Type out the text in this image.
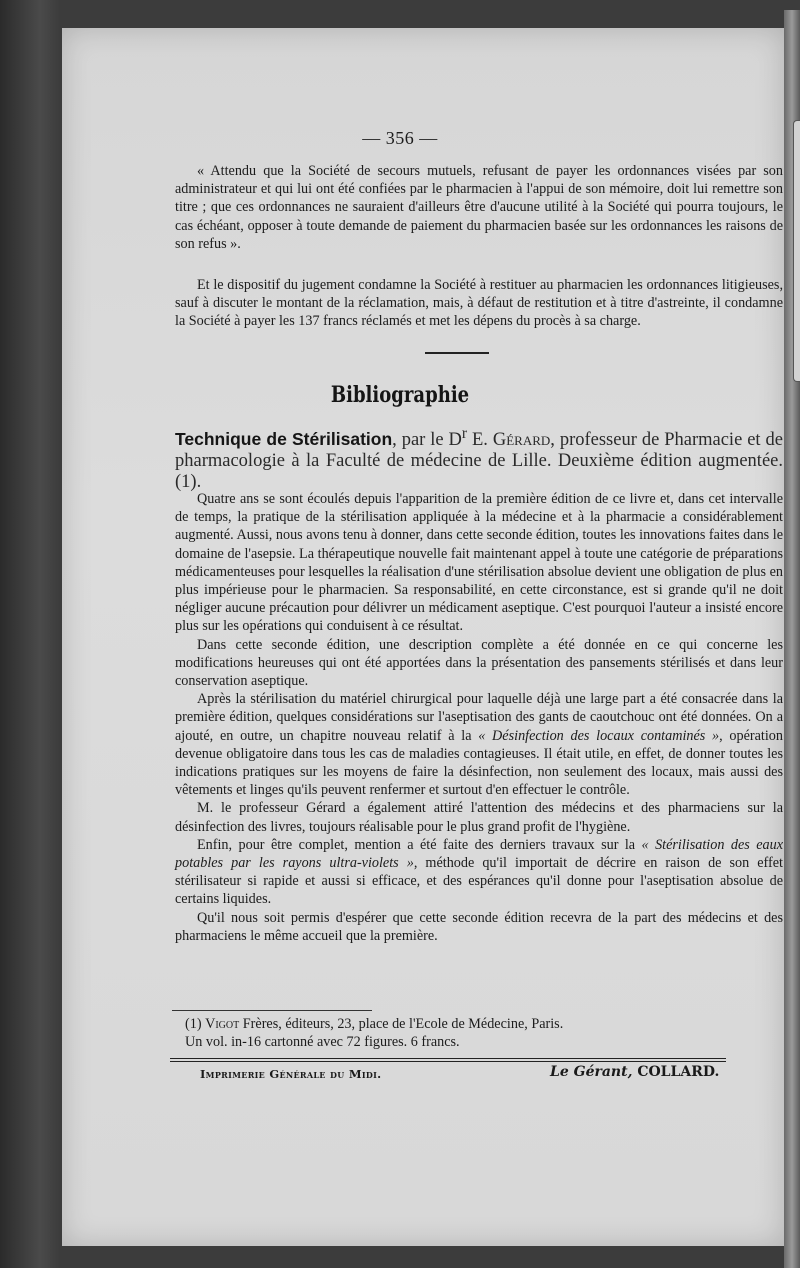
— 356 —

« Attendu que la Société de secours mutuels, refusant de payer les ordonnances visées par son administrateur et qui lui ont été confiées par le pharmacien à l'appui de son mémoire, doit lui remettre son titre ; que ces ordonnances ne sauraient d'ailleurs être d'aucune utilité à la Société qui pourra toujours, le cas échéant, opposer à toute demande de paiement du pharmacien basée sur les ordonnances les raisons de son refus ».

Et le dispositif du jugement condamne la Société à restituer au pharmacien les ordonnances litigieuses, sauf à discuter le montant de la réclamation, mais, à défaut de restitution et à titre d'astreinte, il condamne la Société à payer les 137 francs réclamés et met les dépens du procès à sa charge.

Bibliographie
Technique de Stérilisation, par le $D^r$ E. Gérard, professeur de Pharmacie et de pharmacologie à la Faculté de médecine de Lille. Deuxième édition augmentée. (1).

Quatre ans se sont écoulés depuis l'apparition de la première édition de ce livre et, dans cet intervalle de temps, la pratique de la stérilisation appliquée à la médecine et à la pharmacie a considérablement augmenté. Aussi, nous avons tenu à donner, dans cette seconde édition, toutes les innovations faites dans le domaine de l'asepsie. La thérapeutique nouvelle fait maintenant appel à toute une catégorie de préparations médicamenteuses pour lesquelles la réalisation d'une stérilisation absolue devient une obligation de plus en plus impérieuse pour le pharmacien. Sa responsabilité, en cette circonstance, est si grande qu'il ne doit négliger aucune précaution pour délivrer un médicament aseptique. C'est pourquoi l'auteur a insisté encore plus sur les opérations qui conduisent à ce résultat.

Dans cette seconde édition, une description complète a été donnée en ce qui concerne les modifications heureuses qui ont été apportées dans la présentation des pansements stérilisés et dans leur conservation aseptique.

Après la stérilisation du matériel chirurgical pour laquelle déjà une large part a été consacrée dans la première édition, quelques considérations sur l'aseptisation des gants de caoutchouc ont été données. On a ajouté, en outre, un chapitre nouveau relatif à la « Désinfection des locaux contaminés », opération devenue obligatoire dans tous les cas de maladies contagieuses. Il était utile, en effet, de donner toutes les indications pratiques sur les moyens de faire la désinfection, non seulement des locaux, mais aussi des vêtements et linges qu'ils peuvent renfermer et surtout d'en effectuer le contrôle.

M. le professeur Gérard a également attiré l'attention des médecins et des pharmaciens sur la désinfection des livres, toujours réalisable pour le plus grand profit de l'hygiène.

Enfin, pour être complet, mention a été faite des derniers travaux sur la « Stérilisation des eaux potables par les rayons ultra-violets », méthode qu'il importait de décrire en raison de son effet stérilisateur si rapide et aussi si efficace, et des espérances qu'il donne pour l'aseptisation absolue de certains liquides.

Qu'il nous soit permis d'espérer que cette seconde édition recevra de la part des médecins et des pharmaciens le même accueil que la première.

(1) Vigot Frères, éditeurs, 23, place de l'Ecole de Médecine, Paris.
Un vol. in-16 cartonné avec 72 figures. 6 francs.
Imprimerie Générale du Midi.	Le Gérant, COLLARD.
